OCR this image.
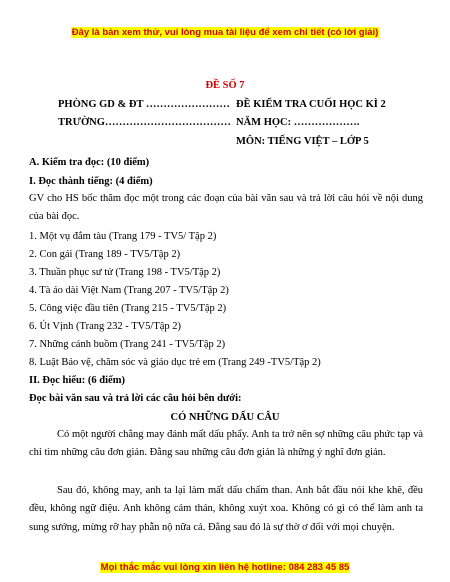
Đây là bản xem thử, vui lòng mua tài liệu để xem chi tiết (có lời giải)
ĐỀ SỐ 7
PHÒNG GD & ĐT ……………………
TRƯỜNG………………………………
ĐỀ KIỂM TRA CUỐI HỌC KÌ 2
NĂM HỌC: ……………….
MÔN: TIẾNG VIỆT – LỚP 5
A. Kiểm tra đọc: (10 điểm)
I. Đọc thành tiếng: (4 điểm)

GV cho HS bốc thăm đọc một trong các đoạn của bài văn sau và trả lời câu hỏi về nội dung của bài đọc.

1. Một vụ đắm tàu (Trang 179 - TV5/ Tập 2)
2. Con gái (Trang 189 - TV5/Tập 2)
3. Thuần phục sư tử (Trang 198 - TV5/Tập 2)
4. Tà áo dài Việt Nam (Trang 207 - TV5/Tập 2)
5. Công việc đầu tiên (Trang 215 - TV5/Tập 2)
6. Út Vịnh (Trang 232 - TV5/Tập 2)
7. Những cánh buồm (Trang 241 - TV5/Tập 2)
8. Luật Bảo vệ, chăm sóc và giáo dục trẻ em (Trang 249 -TV5/Tập 2)
II. Đọc hiểu: (6 điểm)
Đọc bài văn sau và trả lời các câu hỏi bên dưới:
CÓ NHỮNG DẤU CÂU

Có một người chẳng may đánh mất dấu phẩy. Anh ta trở nên sợ những câu phức tạp và chỉ tìm những câu đơn giản. Đằng sau những câu đơn giản là những ý nghĩ đơn giản.

Sau đó, không may, anh ta lại làm mất dấu chấm than. Anh bắt đầu nói khe khẽ, đều đều, không ngữ điệu. Anh không cảm thán, không xuýt xoa. Không có gì có thể làm anh ta sung sướng, mừng rỡ hay phẫn nộ nữa cả. Đằng sau đó là sự thờ ơ đối với mọi chuyện.

Mọi thắc mắc vui lòng xin liên hệ hotline: 084 283 45 85
